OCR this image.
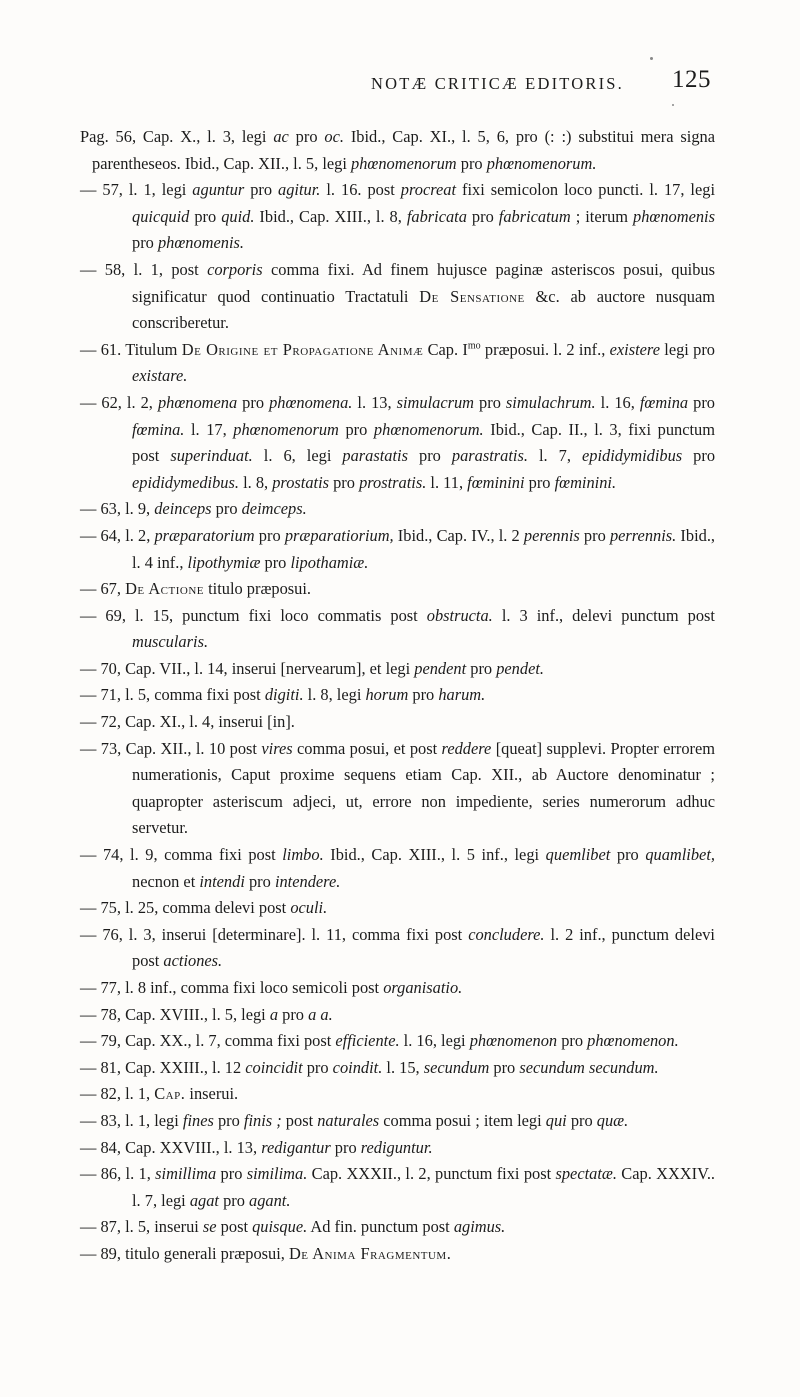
NOTÆ CRITICÆ EDITORIS. 125
Pag. 56, Cap. X., l. 3, legi ac pro oc. Ibid., Cap. XI., l. 5, 6, pro (: :) substitui mera signa parentheseos. Ibid., Cap. XII., l. 5, legi phœnomenorum pro phœnomenorum.
— 57, l. 1, legi aguntur pro agitur. l. 16. post procreat fixi semicolon loco puncti. l. 17, legi quicquid pro quid. Ibid., Cap. XIII., l. 8, fabricata pro fabricatum ; iterum phœnomenis pro phœnomenis.
— 58, l. 1, post corporis comma fixi. Ad finem hujusce paginæ asteriscos posui, quibus significatur quod continuatio Tractatuli De Sensatione &c. ab auctore nusquam conscriberetur.
— 61. Titulum De Origine et Propagatione Animæ Cap. $I^{mo}$ præposui. l. 2 inf., existere legi pro existare.
— 62, l. 2, phœnomena pro phœnomena. l. 13, simulacrum pro simulachrum. l. 16, fœmina pro fœmina. l. 17, phœnomenorum pro phœnomenorum. Ibid., Cap. II., l. 3, fixi punctum post superinduat. l. 6, legi parastatis pro parastratis. l. 7, epididymidibus pro epididymedibus. l. 8, prostatis pro prostratis. l. 11, fœminini pro fœminini.
— 63, l. 9, deinceps pro deimceps.
— 64, l. 2, præparatorium pro præparatiorium, Ibid., Cap. IV., l. 2 perennis pro perrennis. Ibid., l. 4 inf., lipothymiæ pro lipothamiæ.
— 67, De Actione titulo præposui.
— 69, l. 15, punctum fixi loco commatis post obstructa. l. 3 inf., delevi punctum post muscularis.
— 70, Cap. VII., l. 14, inserui [nervearum], et legi pendent pro pendet.
— 71, l. 5, comma fixi post digiti. l. 8, legi horum pro harum.
— 72, Cap. XI., l. 4, inserui [in].
— 73, Cap. XII., l. 10 post vires comma posui, et post reddere [queat] supplevi. Propter errorem numerationis, Caput proxime sequens etiam Cap. XII., ab Auctore denominatur ; quapropter asteriscum adjeci, ut, errore non impediente, series numerorum adhuc servetur.
— 74, l. 9, comma fixi post limbo. Ibid., Cap. XIII., l. 5 inf., legi quemlibet pro quamlibet, necnon et intendi pro intendere.
— 75, l. 25, comma delevi post oculi.
— 76, l. 3, inserui [determinare]. l. 11, comma fixi post concludere. l. 2 inf., punctum delevi post actiones.
— 77, l. 8 inf., comma fixi loco semicoli post organisatio.
— 78, Cap. XVIII., l. 5, legi a pro a a.
— 79, Cap. XX., l. 7, comma fixi post efficiente. l. 16, legi phœnomenon pro phœnomenon.
— 81, Cap. XXIII., l. 12 coincidit pro coindit. l. 15, secundum pro secundum secundum.
— 82, l. 1, Cap. inserui.
— 83, l. 1, legi fines pro finis ; post naturales comma posui ; item legi qui pro quæ.
— 84, Cap. XXVIII., l. 13, redigantur pro rediguntur.
— 86, l. 1, simillima pro similima. Cap. XXXII., l. 2, punctum fixi post spectatæ. Cap. XXXIV.. l. 7, legi agat pro agant.
— 87, l. 5, inserui se post quisque. Ad fin. punctum post agimus.
— 89, titulo generali præposui, De Anima Fragmentum.
